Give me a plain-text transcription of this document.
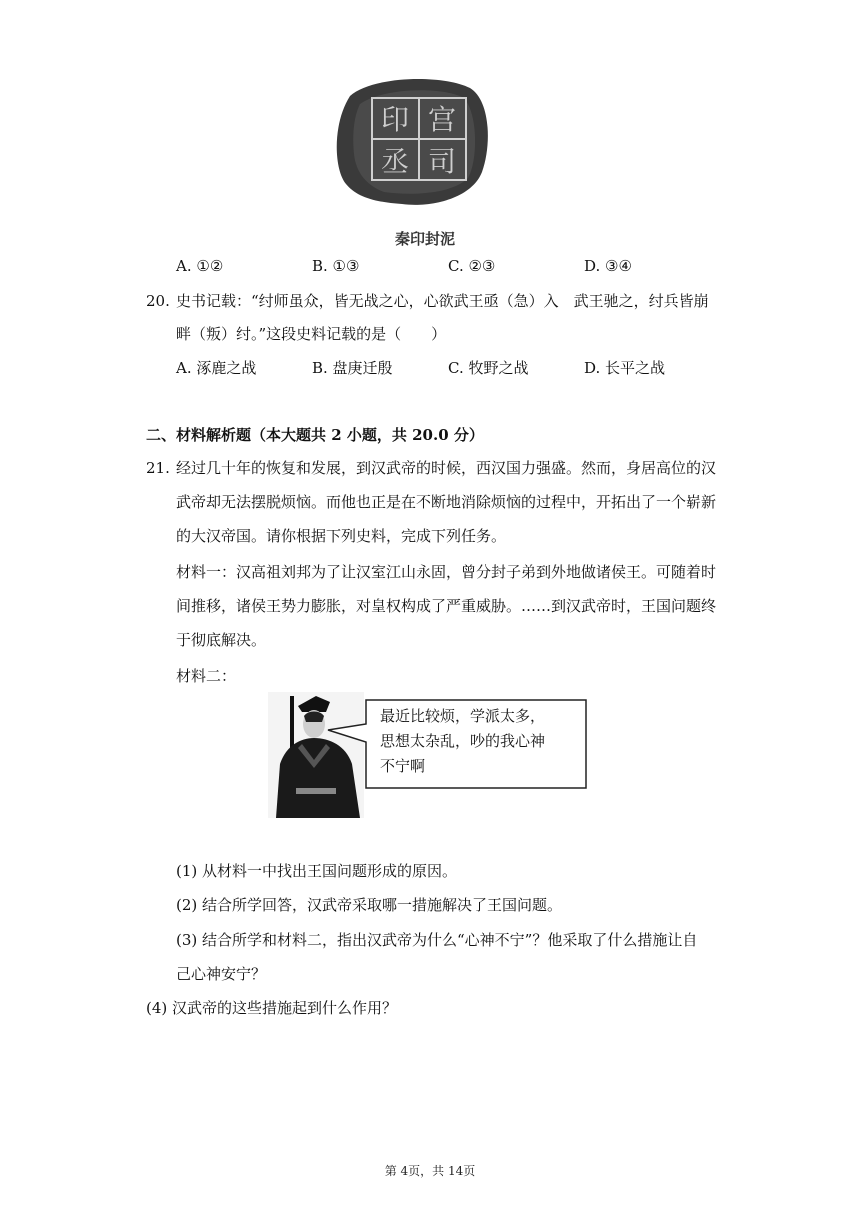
印 宫
丞 司
秦印封泥
A. ①②	B. ①③	C. ②③	D. ③④
20. 史书记载：“纣师虽众，皆无战之心，心欲武王亟（急）入　武王驰之，纣兵皆崩
畔（叛）纣。”这段史料记载的是（　　）
A. 涿鹿之战	B. 盘庚迁殷	C. 牧野之战	D. 长平之战
二、材料解析题（本大题共 2 小题，共 20.0 分）
21. 经过几十年的恢复和发展，到汉武帝的时候，西汉国力强盛。然而，身居高位的汉
武帝却无法摆脱烦恼。而他也正是在不断地消除烦恼的过程中，开拓出了一个崭新
的大汉帝国。请你根据下列史料，完成下列任务。
材料一：汉高祖刘邦为了让汉室江山永固，曾分封子弟到外地做诸侯王。可随着时
间推移，诸侯王势力膨胀，对皇权构成了严重威胁。……到汉武帝时，王国问题终
于彻底解决。
材料二：
最近比较烦，学派太多，
思想太杂乱，吵的我心神
不宁啊
(1) 从材料一中找出王国问题形成的原因。
(2) 结合所学回答，汉武帝采取哪一措施解决了王国问题。
(3) 结合所学和材料二，指出汉武帝为什么“心神不宁”？他采取了什么措施让自
己心神安宁？
(4) 汉武帝的这些措施起到什么作用？
第 4页，共 14页
